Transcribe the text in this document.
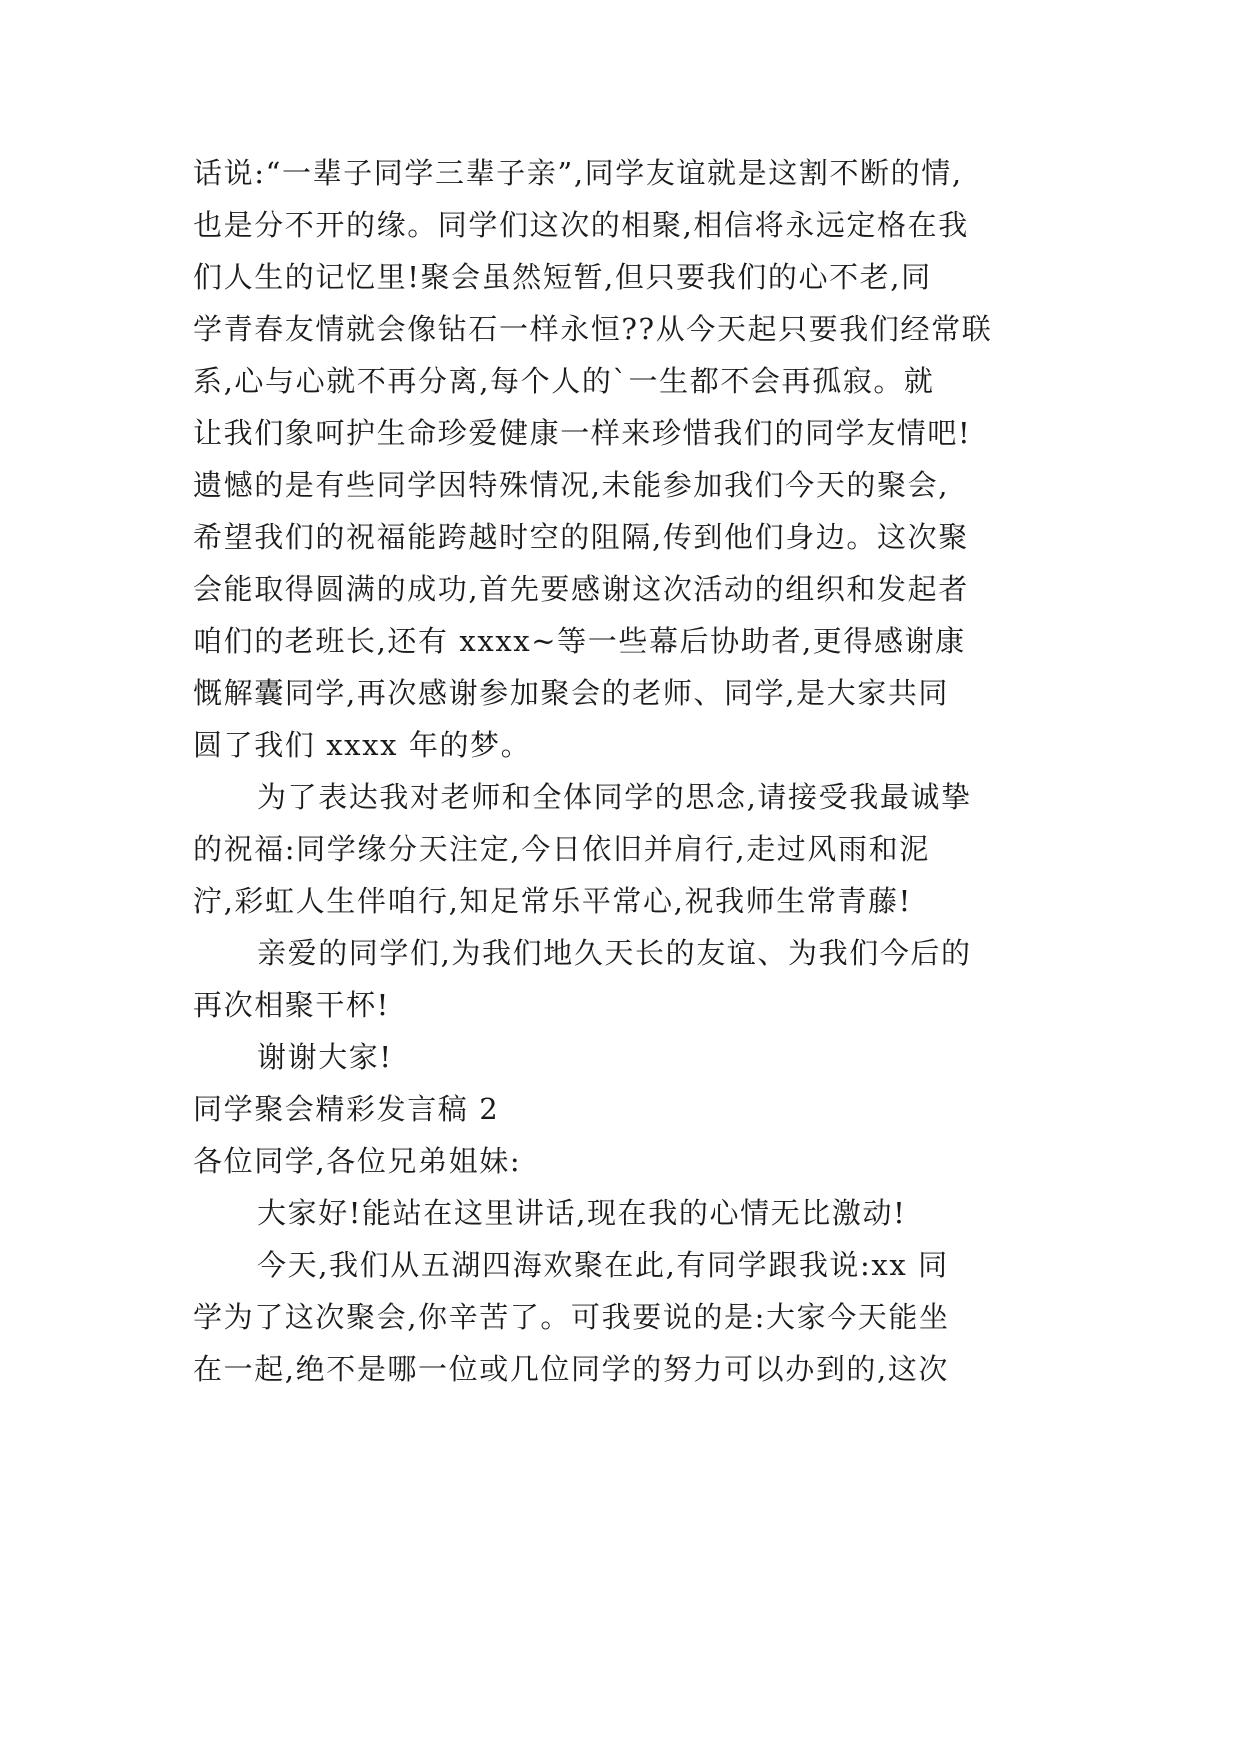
话说:“一辈子同学三辈子亲”,同学友谊就是这割不断的情,
也是分不开的缘。同学们这次的相聚,相信将永远定格在我
们人生的记忆里!聚会虽然短暂,但只要我们的心不老,同
学青春友情就会像钻石一样永恒??从今天起只要我们经常联
系,心与心就不再分离,每个人的`一生都不会再孤寂。就
让我们象呵护生命珍爱健康一样来珍惜我们的同学友情吧!
遗憾的是有些同学因特殊情况,未能参加我们今天的聚会,
希望我们的祝福能跨越时空的阻隔,传到他们身边。这次聚
会能取得圆满的成功,首先要感谢这次活动的组织和发起者
咱们的老班长,还有 xxxx~等一些幕后协助者,更得感谢康
慨解囊同学,再次感谢参加聚会的老师、同学,是大家共同
圆了我们 xxxx 年的梦。
为了表达我对老师和全体同学的思念,请接受我最诚挚
的祝福:同学缘分天注定,今日依旧并肩行,走过风雨和泥
泞,彩虹人生伴咱行,知足常乐平常心,祝我师生常青藤!
亲爱的同学们,为我们地久天长的友谊、为我们今后的
再次相聚干杯!
谢谢大家!
同学聚会精彩发言稿 2
各位同学,各位兄弟姐妹:
大家好!能站在这里讲话,现在我的心情无比激动!
今天,我们从五湖四海欢聚在此,有同学跟我说:xx 同
学为了这次聚会,你辛苦了。可我要说的是:大家今天能坐
在一起,绝不是哪一位或几位同学的努力可以办到的,这次
